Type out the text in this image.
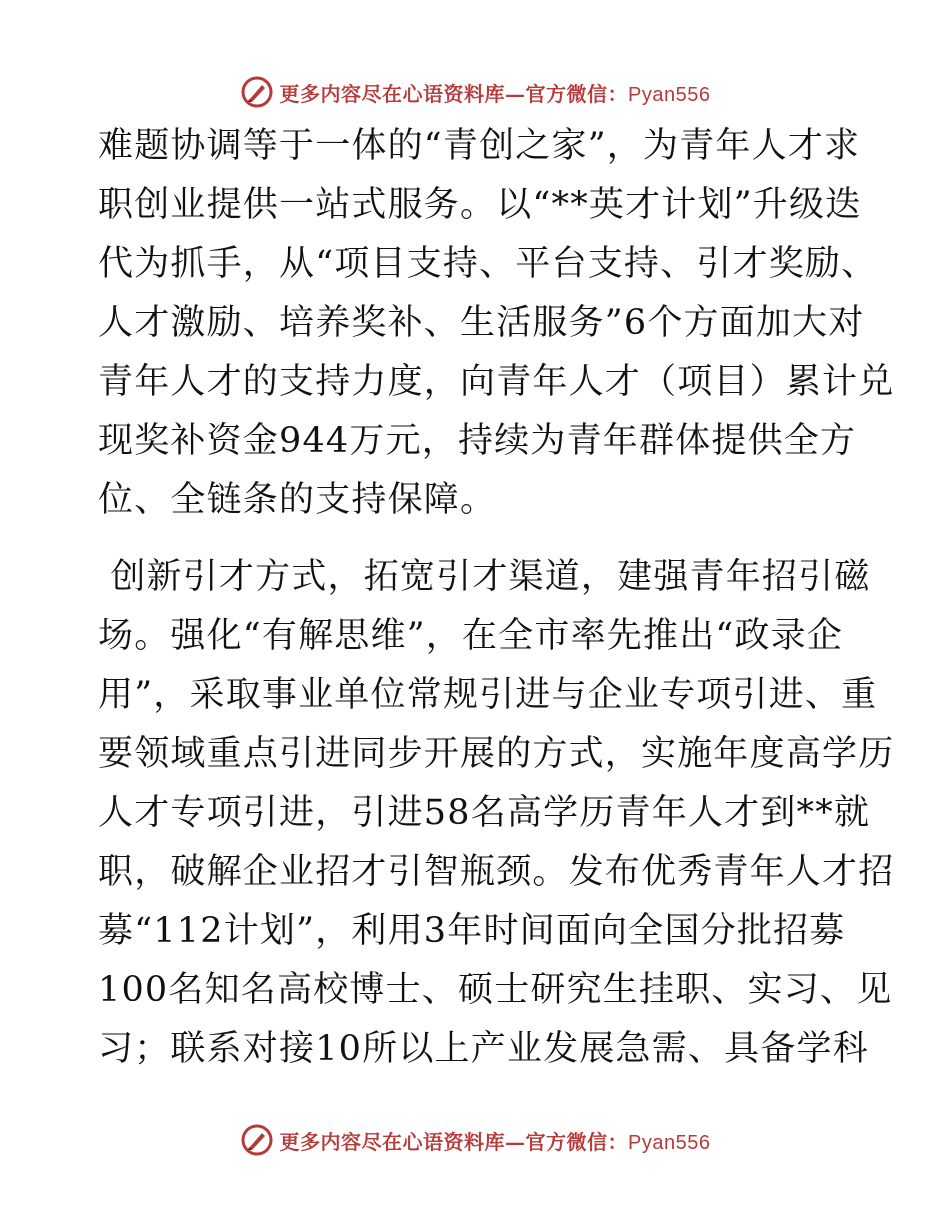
更多内容尽在心语资料库—官方微信：Pyan556
难题协调等于一体的“青创之家”，为青年人才求
职创业提供一站式服务。以“**英才计划”升级迭
代为抓手，从“项目支持、平台支持、引才奖励、
人才激励、培养奖补、生活服务”6个方面加大对
青年人才的支持力度，向青年人才（项目）累计兑
现奖补资金944万元，持续为青年群体提供全方
位、全链条的支持保障。
创新引才方式，拓宽引才渠道，建强青年招引磁
场。强化“有解思维”，在全市率先推出“政录企
用”，采取事业单位常规引进与企业专项引进、重
要领域重点引进同步开展的方式，实施年度高学历
人才专项引进，引进58名高学历青年人才到**就
职，破解企业招才引智瓶颈。发布优秀青年人才招
募“112计划”，利用3年时间面向全国分批招募
100名知名高校博士、硕士研究生挂职、实习、见
习；联系对接10所以上产业发展急需、具备学科
更多内容尽在心语资料库—官方微信：Pyan556
